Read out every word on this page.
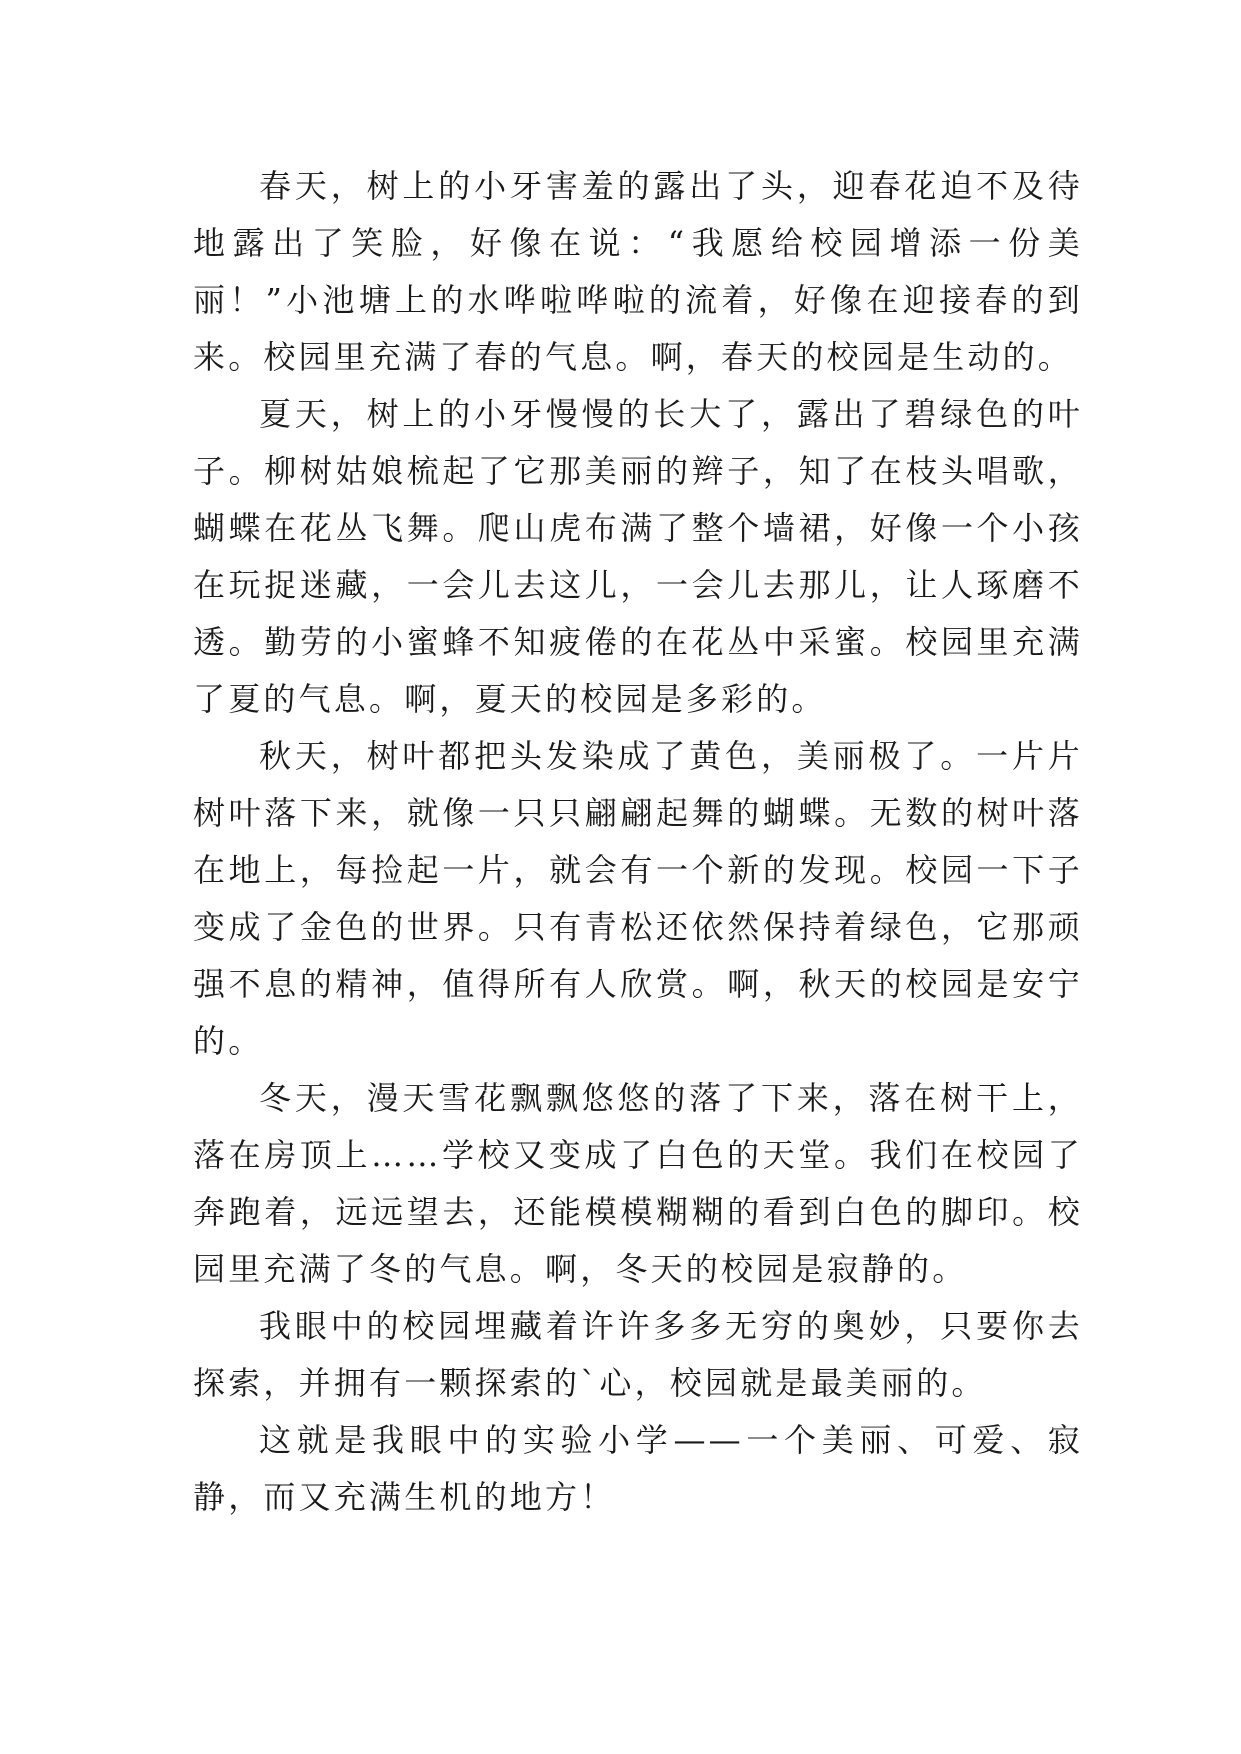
春天，树上的小牙害羞的露出了头，迎春花迫不及待地露出了笑脸，好像在说：“我愿给校园增添一份美丽！”小池塘上的水哗啦哗啦的流着，好像在迎接春的到来。校园里充满了春的气息。啊，春天的校园是生动的。

夏天，树上的小牙慢慢的长大了，露出了碧绿色的叶子。柳树姑娘梳起了它那美丽的辫子，知了在枝头唱歌，蝴蝶在花丛飞舞。爬山虎布满了整个墙裙，好像一个小孩在玩捉迷藏，一会儿去这儿，一会儿去那儿，让人琢磨不透。勤劳的小蜜蜂不知疲倦的在花丛中采蜜。校园里充满了夏的气息。啊，夏天的校园是多彩的。

秋天，树叶都把头发染成了黄色，美丽极了。一片片树叶落下来，就像一只只翩翩起舞的蝴蝶。无数的树叶落在地上，每捡起一片，就会有一个新的发现。校园一下子变成了金色的世界。只有青松还依然保持着绿色，它那顽强不息的精神，值得所有人欣赏。啊，秋天的校园是安宁的。

冬天，漫天雪花飘飘悠悠的落了下来，落在树干上，落在房顶上……学校又变成了白色的天堂。我们在校园了奔跑着，远远望去，还能模模糊糊的看到白色的脚印。校园里充满了冬的气息。啊，冬天的校园是寂静的。

我眼中的校园埋藏着许许多多无穷的奥妙，只要你去探索，并拥有一颗探索的`心，校园就是最美丽的。

这就是我眼中的实验小学——一个美丽、可爱、寂静，而又充满生机的地方！
